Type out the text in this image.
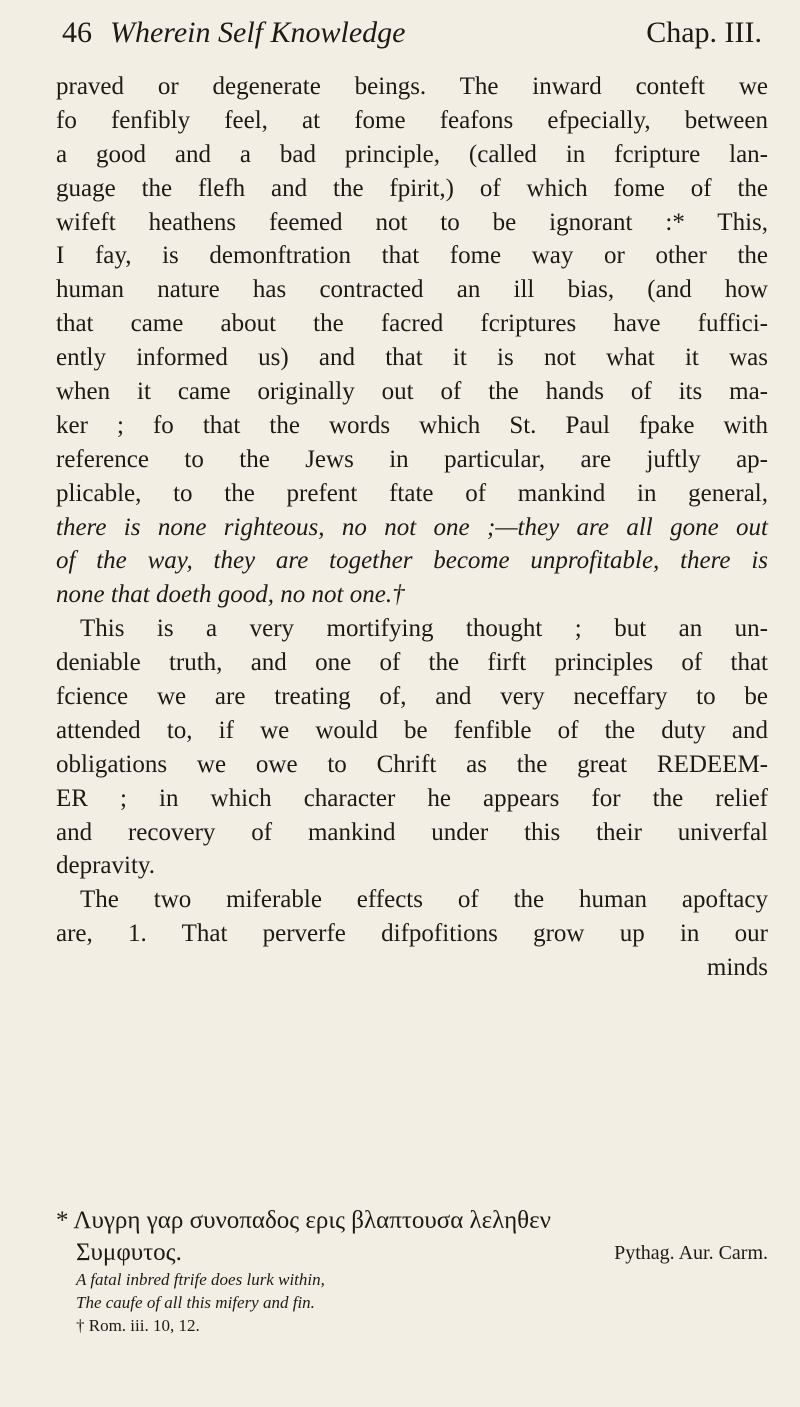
46 Wherein Self Knowledge	Chap. III.
praved or degenerate beings. The inward conteft we
fo fenfibly feel, at fome feafons efpecially, between
a good and a bad principle, (called in fcripture lan-
guage the flefh and the fpirit,) of which fome of the
wifeft heathens feemed not to be ignorant :* This,
I fay, is demonftration that fome way or other the
human nature has contracted an ill bias, (and how
that came about the facred fcriptures have fuffici-
ently informed us) and that it is not what it was
when it came originally out of the hands of its ma-
ker ; fo that the words which St. Paul fpake with
reference to the Jews in particular, are juftly ap-
plicable, to the prefent ftate of mankind in general,
there is none righteous, no not one ;—they are all gone out
of the way, they are together become unprofitable, there is
none that doeth good, no not one.†
This is a very mortifying thought ; but an un-
deniable truth, and one of the firft principles of that
fcience we are treating of, and very neceffary to be
attended to, if we would be fenfible of the duty and
obligations we owe to Chrift as the great REDEEM-
ER ; in which character he appears for the relief
and recovery of mankind under this their univerfal
depravity.
The two miferable effects of the human apoftacy
are, 1. That perverfe difpofitions grow up in our
minds
* Λυγρη γαρ συνοπαδος ερις βλαπτουσα λεληθεν
Συμφυτος.	Pythag. Aur. Carm.
A fatal inbred ftrife does lurk within,
The caufe of all this mifery and fin.
† Rom. iii. 10, 12.
